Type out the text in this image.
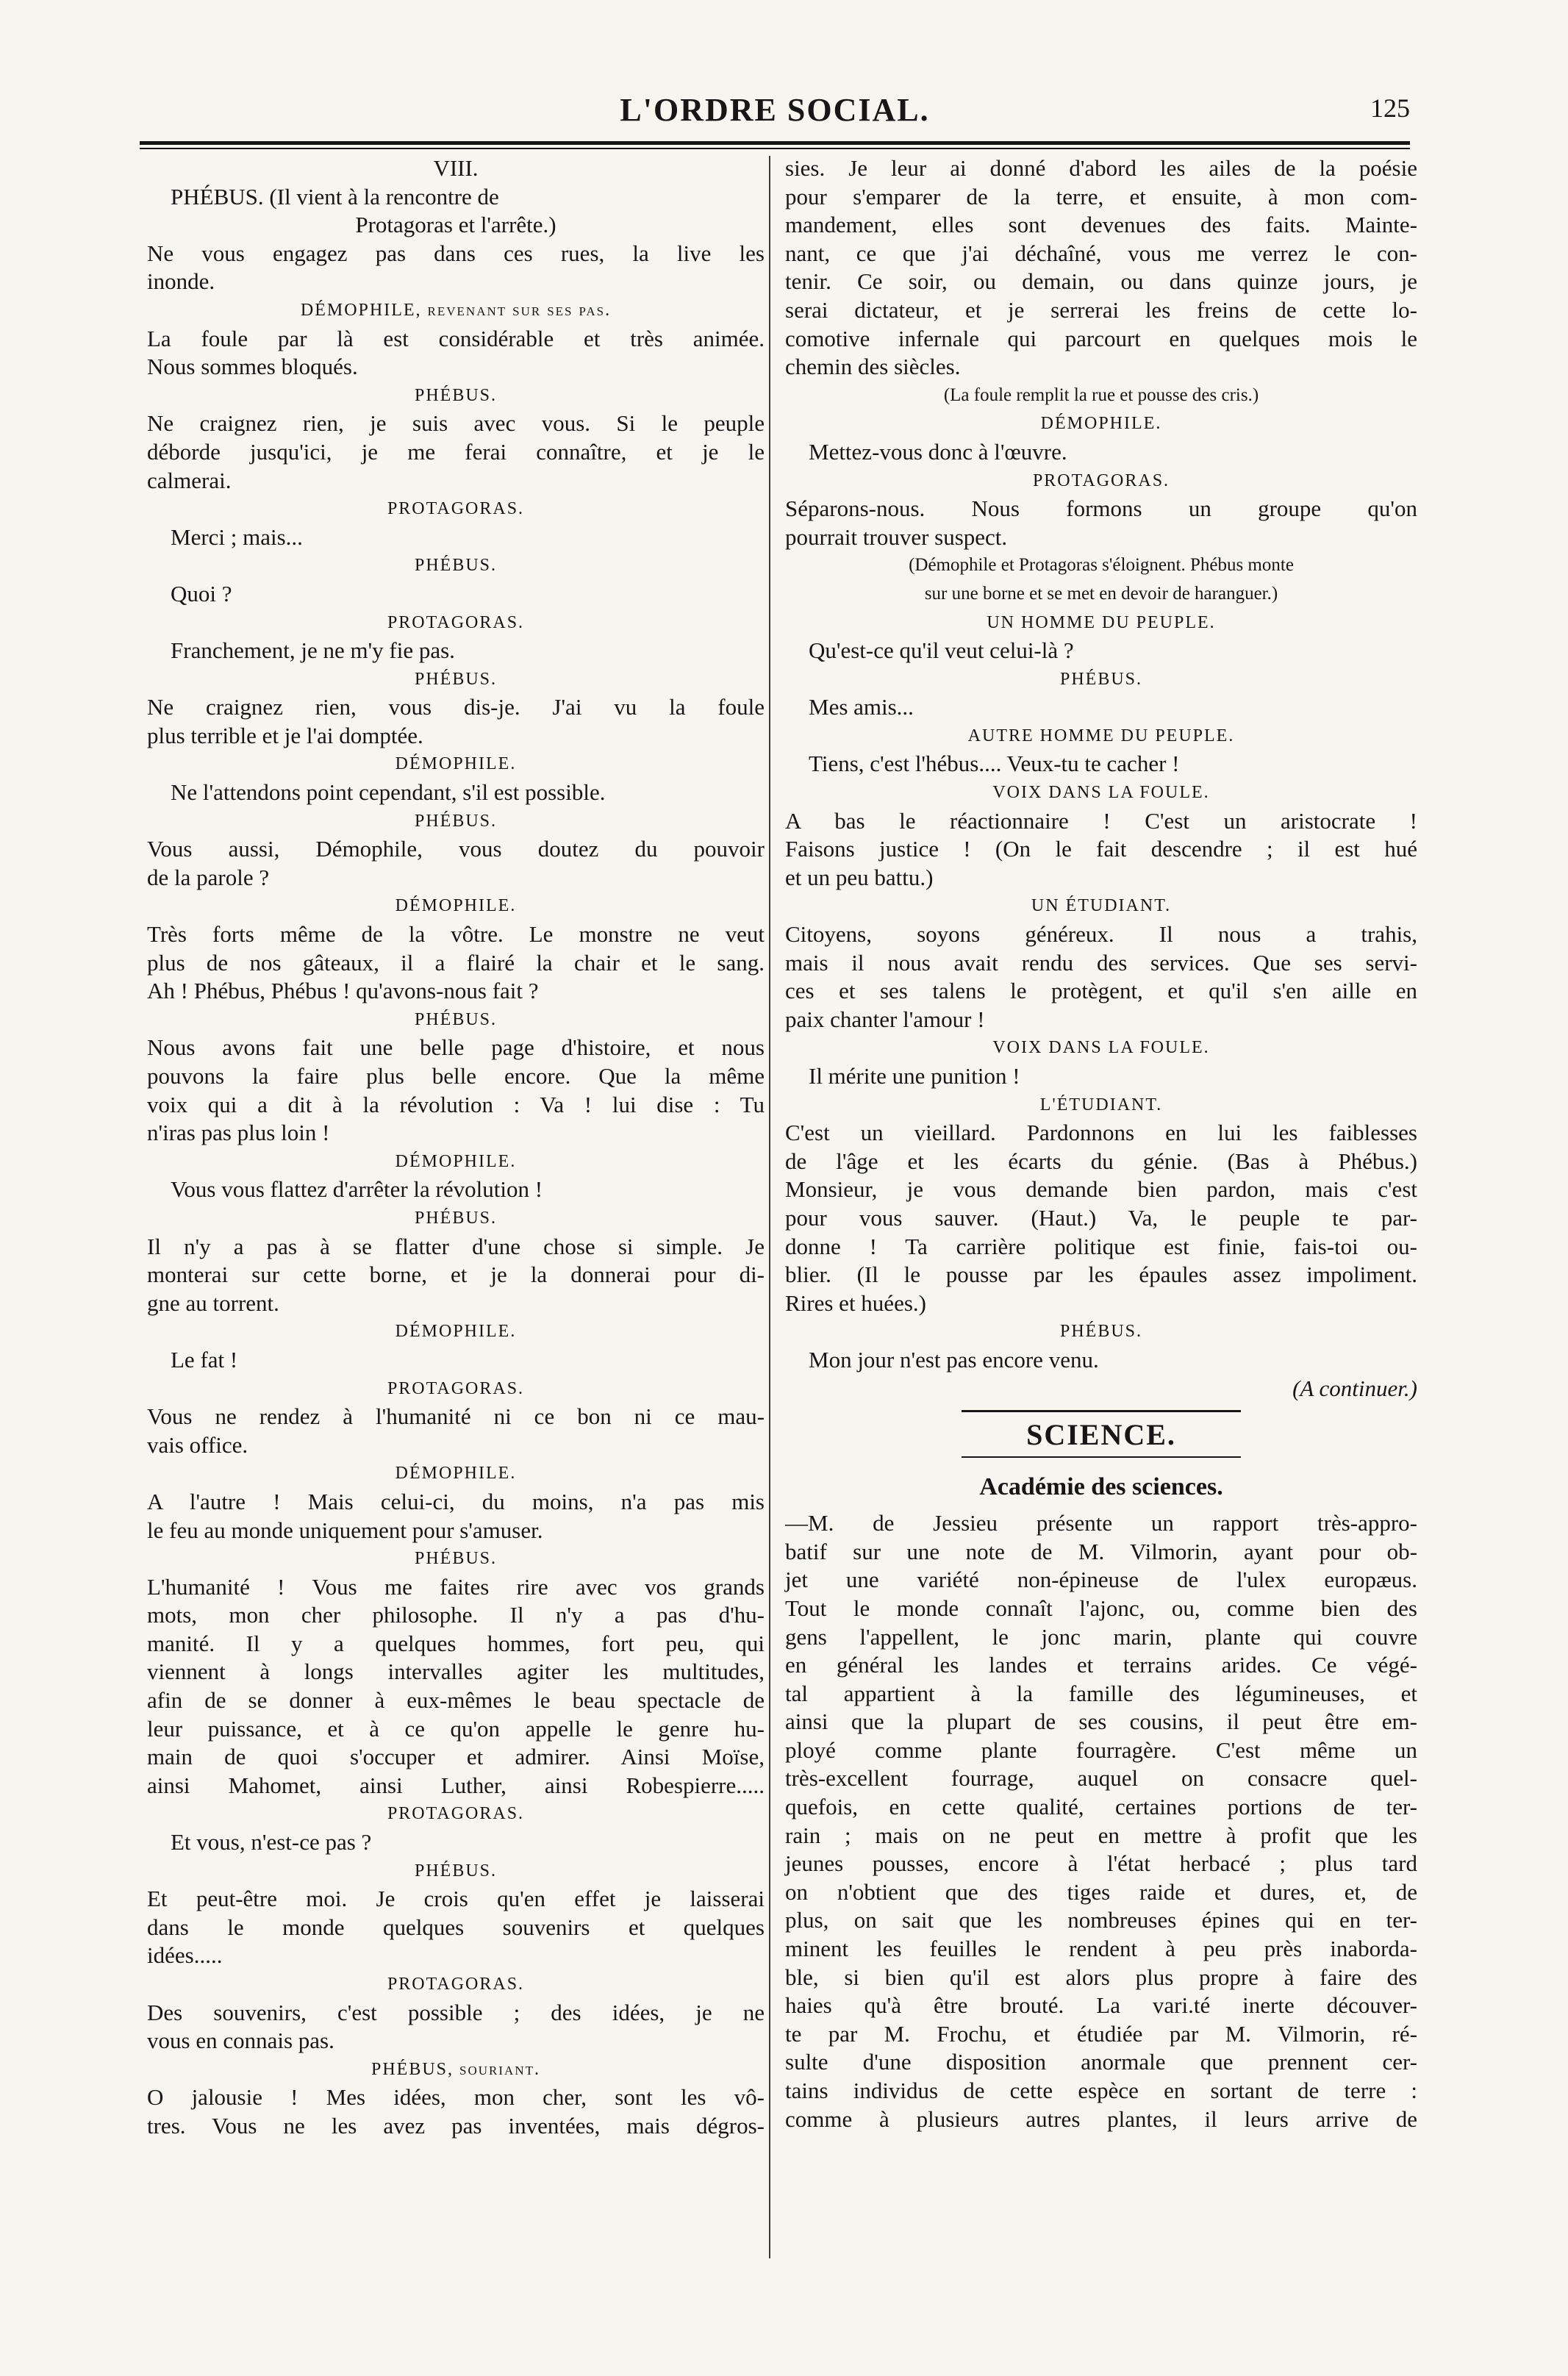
L'ORDRE SOCIAL.	125
VIII.
PHÉBUS. (Il vient à la rencontre de
Protagoras et l'arrête.)
Ne vous engagez pas dans ces rues, la live les
inonde.
DÉMOPHILE, revenant sur ses pas.
La foule par là est considérable et très animée.
Nous sommes bloqués.
PHÉBUS.
Ne craignez rien, je suis avec vous. Si le peuple
déborde jusqu'ici, je me ferai connaître, et je le
calmerai.
PROTAGORAS.
Merci ; mais...
PHÉBUS.
Quoi ?
PROTAGORAS.
Franchement, je ne m'y fie pas.
PHÉBUS.
Ne craignez rien, vous dis-je. J'ai vu la foule
plus terrible et je l'ai domptée.
DÉMOPHILE.
Ne l'attendons point cependant, s'il est possible.
PHÉBUS.
Vous aussi, Démophile, vous doutez du pouvoir
de la parole ?
DÉMOPHILE.
Très forts même de la vôtre. Le monstre ne veut
plus de nos gâteaux, il a flairé la chair et le sang.
Ah ! Phébus, Phébus ! qu'avons-nous fait ?
PHÉBUS.
Nous avons fait une belle page d'histoire, et nous
pouvons la faire plus belle encore. Que la même
voix qui a dit à la révolution : Va ! lui dise : Tu
n'iras pas plus loin !
DÉMOPHILE.
Vous vous flattez d'arrêter la révolution !
PHÉBUS.
Il n'y a pas à se flatter d'une chose si simple. Je
monterai sur cette borne, et je la donnerai pour di-
gne au torrent.
DÉMOPHILE.
Le fat !
PROTAGORAS.
Vous ne rendez à l'humanité ni ce bon ni ce mau-
vais office.
DÉMOPHILE.
A l'autre ! Mais celui-ci, du moins, n'a pas mis
le feu au monde uniquement pour s'amuser.
PHÉBUS.
L'humanité ! Vous me faites rire avec vos grands
mots, mon cher philosophe. Il n'y a pas d'hu-
manité. Il y a quelques hommes, fort peu, qui
viennent à longs intervalles agiter les multitudes,
afin de se donner à eux-mêmes le beau spectacle de
leur puissance, et à ce qu'on appelle le genre hu-
main de quoi s'occuper et admirer. Ainsi Moïse,
ainsi Mahomet, ainsi Luther, ainsi Robespierre.....
PROTAGORAS.
Et vous, n'est-ce pas ?
PHÉBUS.
Et peut-être moi. Je crois qu'en effet je laisserai
dans le monde quelques souvenirs et quelques
idées.....
PROTAGORAS.
Des souvenirs, c'est possible ; des idées, je ne
vous en connais pas.
PHÉBUS, souriant.
O jalousie ! Mes idées, mon cher, sont les vô-
tres. Vous ne les avez pas inventées, mais dégros-
sies. Je leur ai donné d'abord les ailes de la poésie
pour s'emparer de la terre, et ensuite, à mon com-
mandement, elles sont devenues des faits. Mainte-
nant, ce que j'ai déchaîné, vous me verrez le con-
tenir. Ce soir, ou demain, ou dans quinze jours, je
serai dictateur, et je serrerai les freins de cette lo-
comotive infernale qui parcourt en quelques mois le
chemin des siècles.
(La foule remplit la rue et pousse des cris.)
DÉMOPHILE.
Mettez-vous donc à l'œuvre.
PROTAGORAS.
Séparons-nous. Nous formons un groupe qu'on
pourrait trouver suspect.
(Démophile et Protagoras s'éloignent. Phébus monte
sur une borne et se met en devoir de haranguer.)
UN HOMME DU PEUPLE.
Qu'est-ce qu'il veut celui-là ?
PHÉBUS.
Mes amis...
AUTRE HOMME DU PEUPLE.
Tiens, c'est l'hébus.... Veux-tu te cacher !
VOIX DANS LA FOULE.
A bas le réactionnaire ! C'est un aristocrate !
Faisons justice ! (On le fait descendre ; il est hué
et un peu battu.)
UN ÉTUDIANT.
Citoyens, soyons généreux. Il nous a trahis,
mais il nous avait rendu des services. Que ses servi-
ces et ses talens le protègent, et qu'il s'en aille en
paix chanter l'amour !
VOIX DANS LA FOULE.
Il mérite une punition !
L'ÉTUDIANT.
C'est un vieillard. Pardonnons en lui les faiblesses
de l'âge et les écarts du génie. (Bas à Phébus.)
Monsieur, je vous demande bien pardon, mais c'est
pour vous sauver. (Haut.) Va, le peuple te par-
donne ! Ta carrière politique est finie, fais-toi ou-
blier. (Il le pousse par les épaules assez impoliment.
Rires et huées.)
PHÉBUS.
Mon jour n'est pas encore venu.
(A continuer.)
SCIENCE.
Académie des sciences.
—M. de Jessieu présente un rapport très-appro-
batif sur une note de M. Vilmorin, ayant pour ob-
jet une variété non-épineuse de l'ulex europæus.
Tout le monde connaît l'ajonc, ou, comme bien des
gens l'appellent, le jonc marin, plante qui couvre
en général les landes et terrains arides. Ce végé-
tal appartient à la famille des légumineuses, et
ainsi que la plupart de ses cousins, il peut être em-
ployé comme plante fourragère. C'est même un
très-excellent fourrage, auquel on consacre quel-
quefois, en cette qualité, certaines portions de ter-
rain ; mais on ne peut en mettre à profit que les
jeunes pousses, encore à l'état herbacé ; plus tard
on n'obtient que des tiges raide et dures, et, de
plus, on sait que les nombreuses épines qui en ter-
minent les feuilles le rendent à peu près inaborda-
ble, si bien qu'il est alors plus propre à faire des
haies qu'à être brouté. La vari.té inerte découver-
te par M. Frochu, et étudiée par M. Vilmorin, ré-
sulte d'une disposition anormale que prennent cer-
tains individus de cette espèce en sortant de terre :
comme à plusieurs autres plantes, il leurs arrive de
